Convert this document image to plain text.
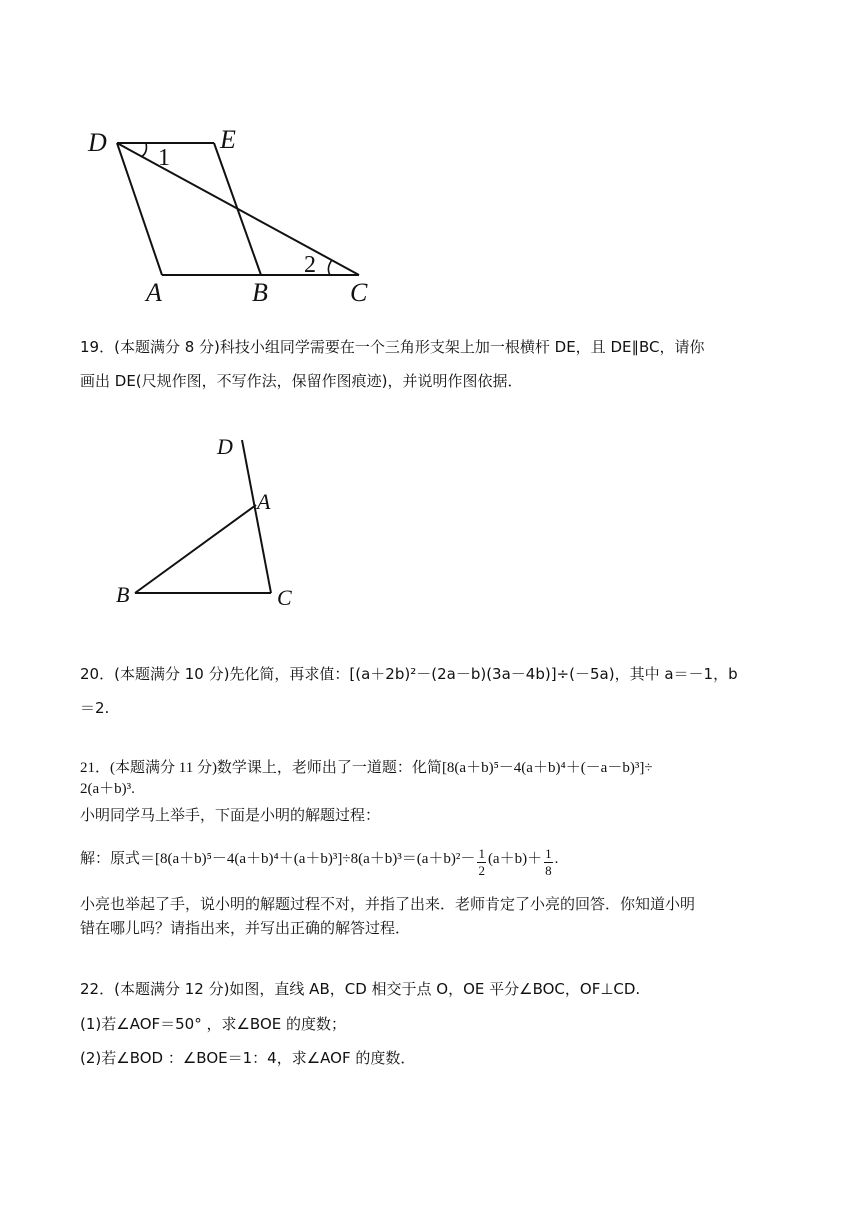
D	E
1
2
A	B	C
19．(本题满分 8 分)科技小组同学需要在一个三角形支架上加一根横杆 DE，且 DE∥BC，请你
画出 DE(尺规作图，不写作法，保留作图痕迹)，并说明作图依据．
D
A
B	C
20．(本题满分 10 分)先化简，再求值：[(a＋2b)²－(2a－b)(3a－4b)]÷(－5a)，其中 a＝－1，b
＝2.
21．(本题满分 11 分)数学课上，老师出了一道题：化简[8(a＋b)⁵－4(a＋b)⁴＋(－a－b)³]÷
2(a＋b)³.
小明同学马上举手，下面是小明的解题过程：
解：原式$=[8(a+b)^5-4(a+b)^4+(a+b)^3]\div 8(a+b)^3=(a+b)^2- \frac{1}{2} (a+b)+ \frac{1}{8}$ .
小亮也举起了手，说小明的解题过程不对，并指了出来．老师肯定了小亮的回答．你知道小明
错在哪儿吗？请指出来，并写出正确的解答过程．
22．(本题满分 12 分)如图，直线 AB，CD 相交于点 O，OE 平分∠BOC，OF⊥CD.
(1)若∠AOF＝50° ，求∠BOE 的度数；
(2)若∠BOD ：∠BOE＝1：4，求∠AOF 的度数．
